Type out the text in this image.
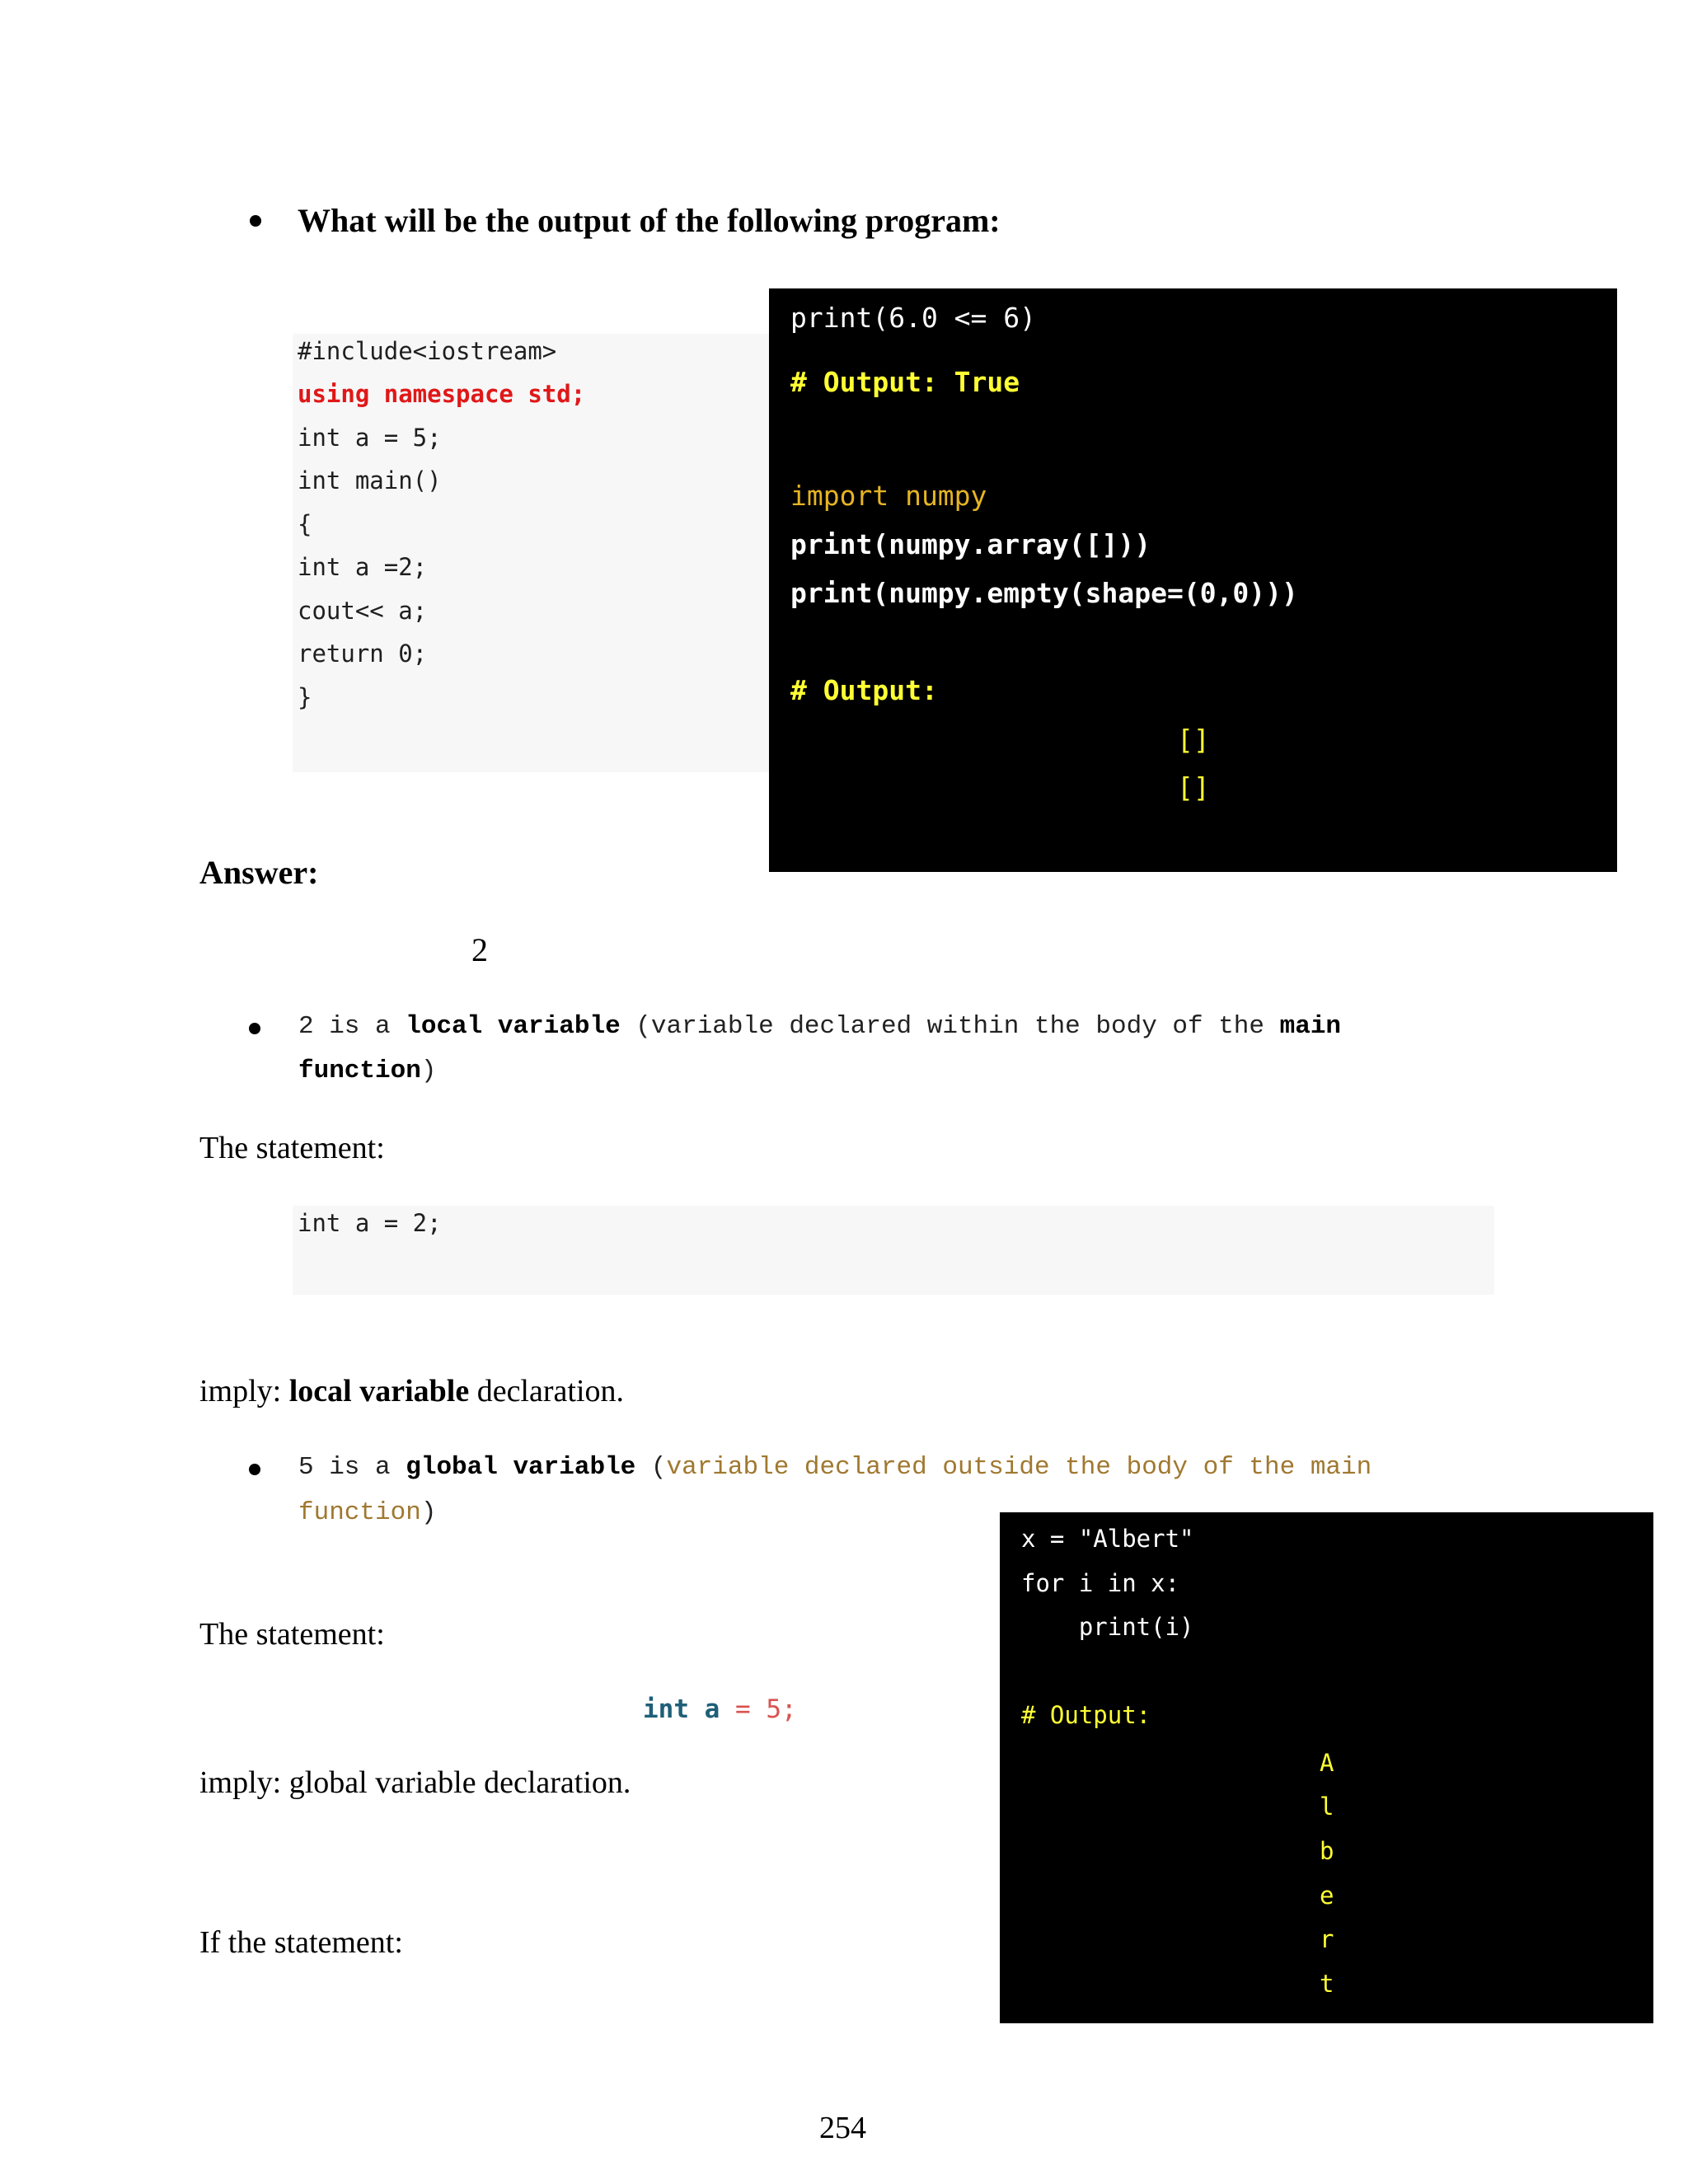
What will be the output of the following program:
#include<iostream>
using namespace std;
int a = 5;
int main()
{
int a =2;
cout<< a;
return 0;
}
print(6.0 <= 6)
# Output: True
import numpy
print(numpy.array([]))
print(numpy.empty(shape=(0,0)))
# Output:
[]
[]
Answer:
2
2 is a local variable (variable declared within the body of the main
function)
The statement:
int a = 2;
imply: local variable declaration.
5 is a global variable (variable declared outside the body of the main
function)
The statement:
int a = 5;
imply: global variable declaration.
If the statement:
x = "Albert"
for i in x:
print(i)
# Output:
A
l
b
e
r
t
254
